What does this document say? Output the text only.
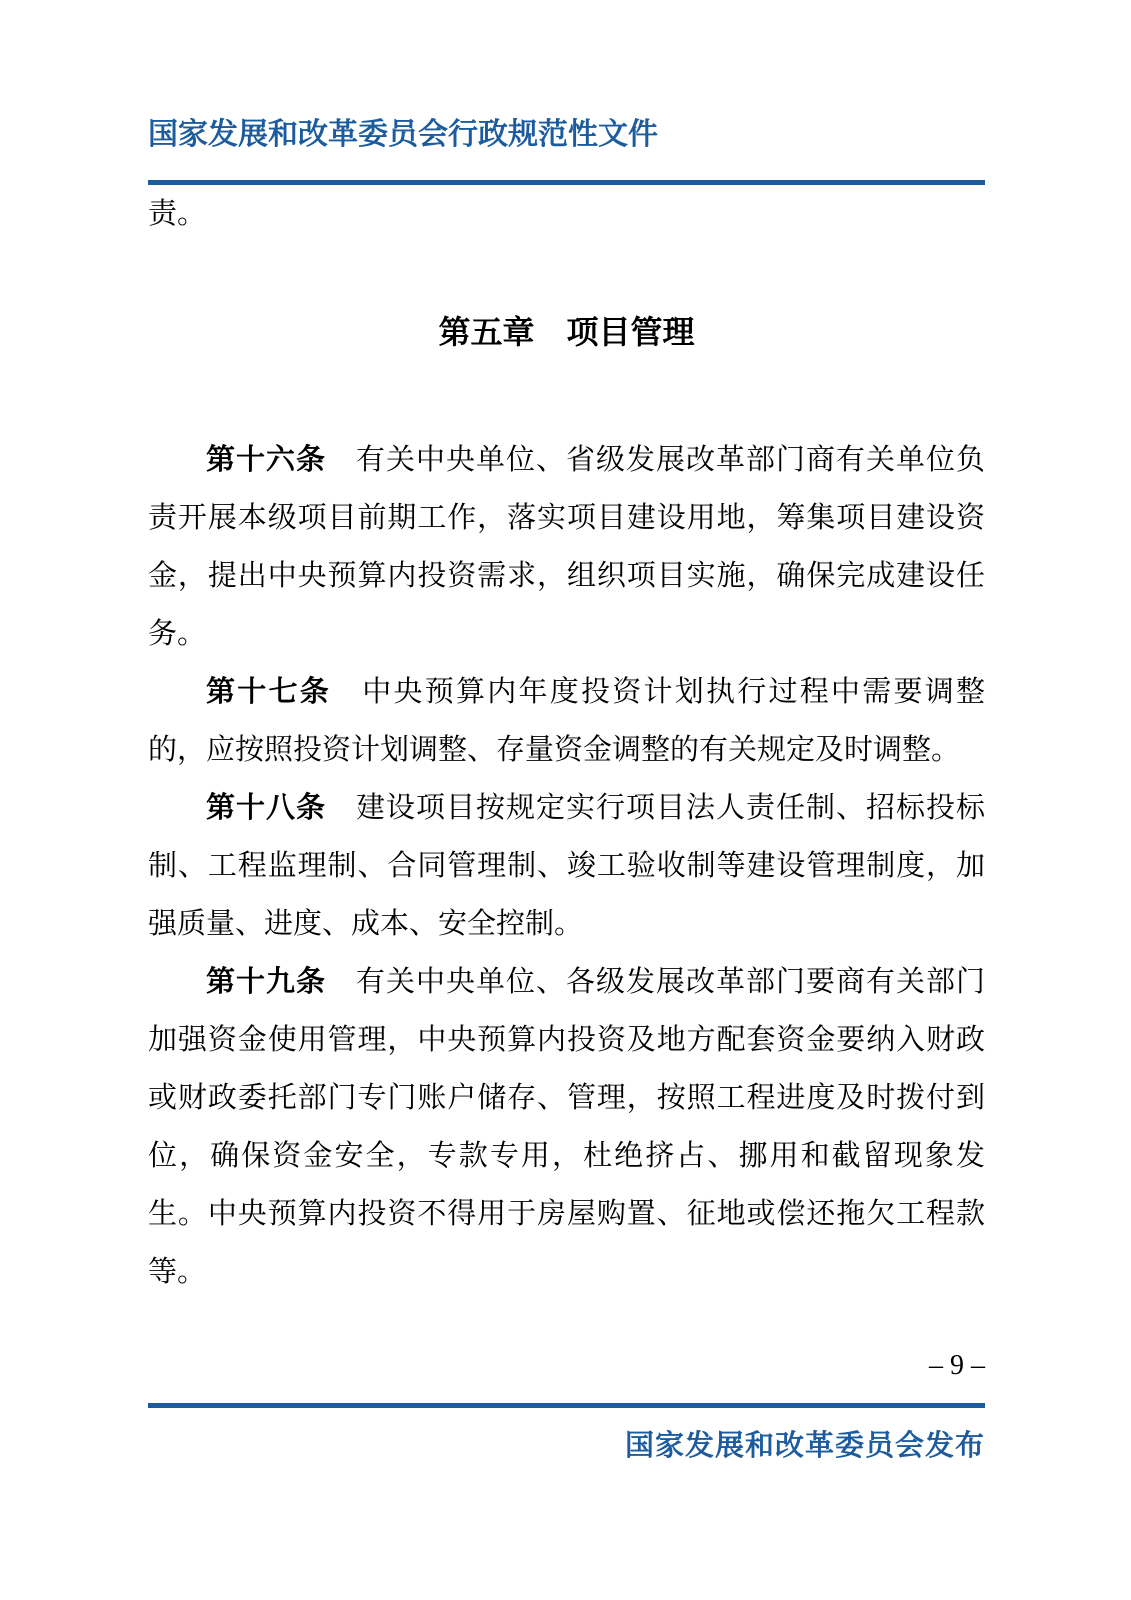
国家发展和改革委员会行政规范性文件

责。

第五章　项目管理

第十六条　有关中央单位、省级发展改革部门商有关单位负责开展本级项目前期工作，落实项目建设用地，筹集项目建设资金，提出中央预算内投资需求，组织项目实施，确保完成建设任务。

第十七条　中央预算内年度投资计划执行过程中需要调整的，应按照投资计划调整、存量资金调整的有关规定及时调整。

第十八条　建设项目按规定实行项目法人责任制、招标投标制、工程监理制、合同管理制、竣工验收制等建设管理制度，加强质量、进度、成本、安全控制。

第十九条　有关中央单位、各级发展改革部门要商有关部门加强资金使用管理，中央预算内投资及地方配套资金要纳入财政或财政委托部门专门账户储存、管理，按照工程进度及时拨付到位，确保资金安全，专款专用，杜绝挤占、挪用和截留现象发生。中央预算内投资不得用于房屋购置、征地或偿还拖欠工程款等。

– 9 –
国家发展和改革委员会发布
